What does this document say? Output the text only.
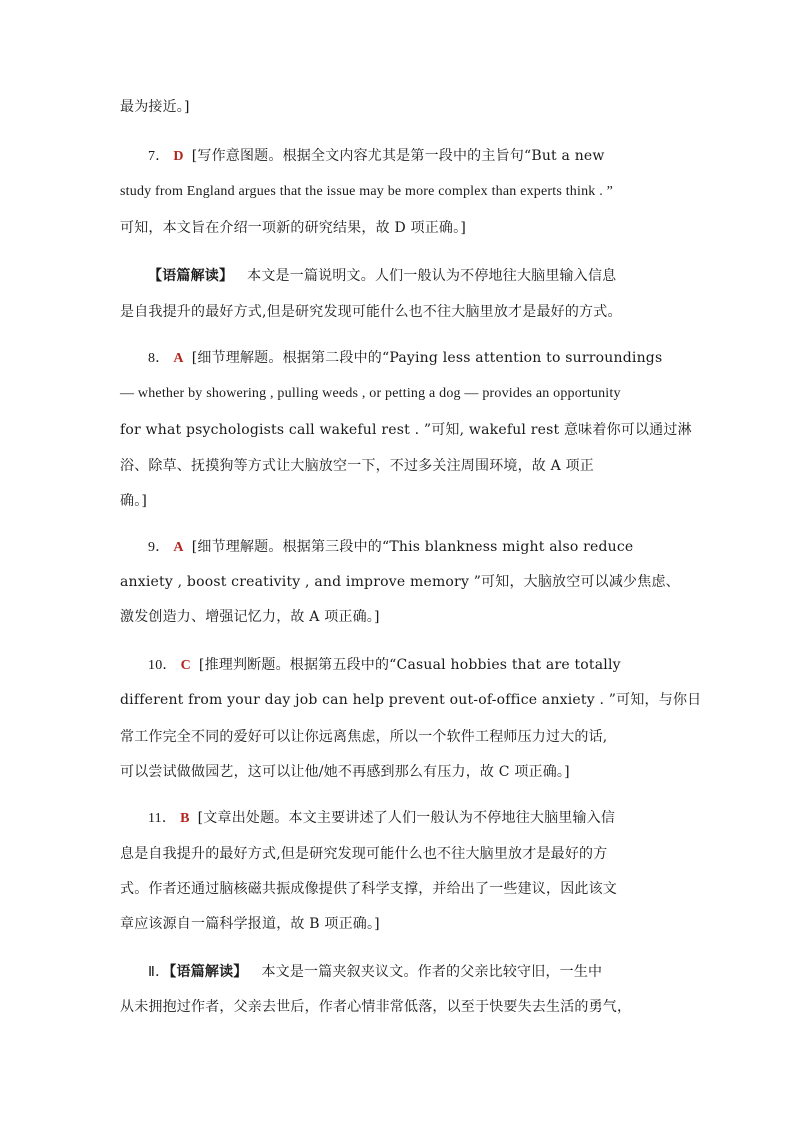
最为接近。]
7． D [写作意图题。根据全文内容尤其是第一段中的主旨句“But a new
study from England argues that the issue may be more complex than experts think . ”
可知，本文旨在介绍一项新的研究结果，故 D 项正确。]
【语篇解读】 本文是一篇说明文。人们一般认为不停地往大脑里输入信息
是自我提升的最好方式,但是研究发现可能什么也不往大脑里放才是最好的方式。
8． A [细节理解题。根据第二段中的“Paying less attention to surroundings
— whether by showering , pulling weeds , or petting a dog — provides an opportunity
for what psychologists call wakeful rest . ”可知, wakeful rest 意味着你可以通过淋
浴、除草、抚摸狗等方式让大脑放空一下，不过多关注周围环境，故 A 项正
确。]
9． A [细节理解题。根据第三段中的“This blankness might also reduce
anxiety , boost creativity , and improve memory ”可知，大脑放空可以减少焦虑、
激发创造力、增强记忆力，故 A 项正确。]
10． C [推理判断题。根据第五段中的“Casual hobbies that are totally
different from your day job can help prevent out-of-office anxiety . ”可知，与你日
常工作完全不同的爱好可以让你远离焦虑，所以一个软件工程师压力过大的话,
可以尝试做做园艺，这可以让他/她不再感到那么有压力，故 C 项正确。]
11． B [文章出处题。本文主要讲述了人们一般认为不停地往大脑里输入信
息是自我提升的最好方式,但是研究发现可能什么也不往大脑里放才是最好的方
式。作者还通过脑核磁共振成像提供了科学支撑，并给出了一些建议，因此该文
章应该源自一篇科学报道，故 B 项正确。]
Ⅱ．【语篇解读】 本文是一篇夹叙夹议文。作者的父亲比较守旧，一生中
从未拥抱过作者，父亲去世后，作者心情非常低落，以至于快要失去生活的勇气，
